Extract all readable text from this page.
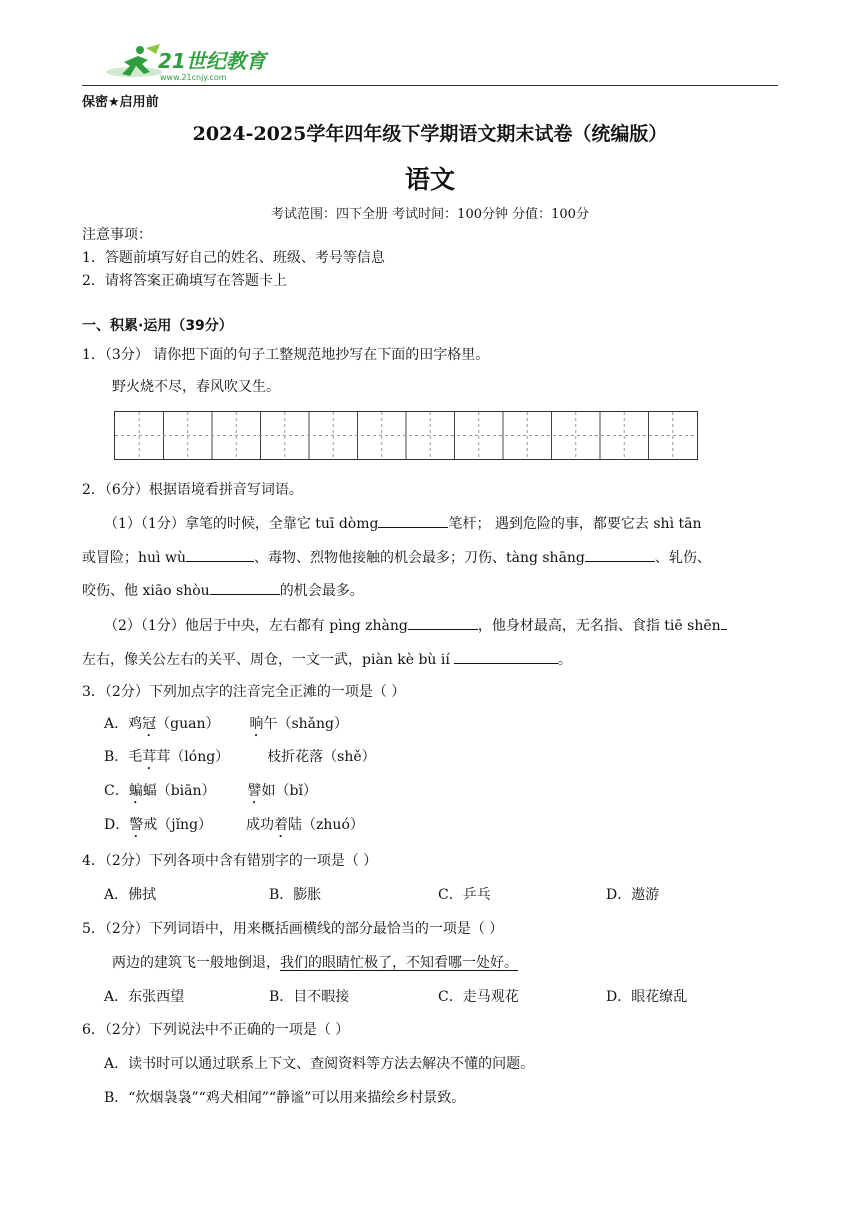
21世纪教育
www.21cnjy.com
保密★启用前
2024-2025学年四年级下学期语文期末试卷（统编版）
语文
考试范围：四下全册 考试时间：100分钟 分值：100分
注意事项：
1．答题前填写好自己的姓名、班级、考号等信息
2．请将答案正确填写在答题卡上
一、积累·运用（39分）
1．（3分） 请你把下面的句子工整规范地抄写在下面的田字格里。
野火烧不尽，春风吹又生。
2．（6分）根据语境看拼音写词语。
（1）（1分）拿笔的时候，全靠它 tuī dòmg	笔杆； 遇到危险的事，都要它去 shì tān
或冒险；huì wù	、毒物、烈物他接触的机会最多；刀伤、tàng shāng	、轧伤、
咬伤、他 xiāo shòu	的机会最多。
（2）（1分）他居于中央，左右都有 pìng zhàng	，他身材最高，无名指、食指 tiē shēn
左右，像关公左右的关平、周仓，一文一武，piàn kè bù ií	。
3．（2分）下列加点字的注音完全正滩的一项是（ ）
A．鸡冠（guan） 晌午（shǎng）
B．毛茸茸（lóng）	枝折花落（shě）
C．蝙蝠（biān） 譬如（bǐ）
D．警戒（jǐng） 成功着陆（zhuó）
4．（2分）下列各项中含有错别字的一项是（ ）
A．佛拭	B．膨胀	C．乒乓	D．遨游
5．（2分）下列词语中，用来概括画横线的部分最恰当的一项是（ ）
两边的建筑飞一般地倒退，我们的眼睛忙极了，不知看哪一处好。
A．东张西望	B．目不暇接	C．走马观花	D．眼花缭乱
6．（2分）下列说法中不正确的一项是（ ）
A．读书时可以通过联系上下文、查阅资料等方法去解决不懂的问题。
B．“炊烟袅袅”“鸡犬相闻”“静谧”可以用来描绘乡村景致。
